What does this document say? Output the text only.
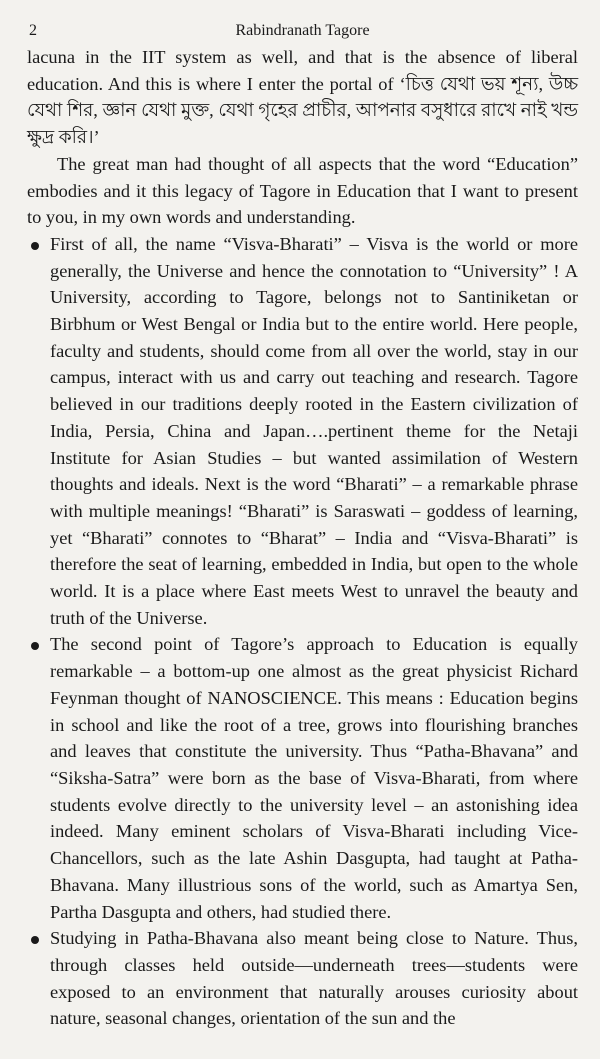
2	Rabindranath Tagore

lacuna in the IIT system as well, and that is the absence of liberal education. And this is where I enter the portal of ‘চিত্ত যেথা ভয় শূন্য, উচ্চ যেথা শির, জ্ঞান যেথা মুক্ত, যেথা গৃহের প্রাচীর, আপনার বসুধারে রাখে নাই খন্ড ক্ষুদ্র করি।’

The great man had thought of all aspects that the word “Education” embodies and it this legacy of Tagore in Education that I want to present to you, in my own words and understanding.

First of all, the name “Visva-Bharati” – Visva is the world or more generally, the Universe and hence the connotation to “University” ! A University, according to Tagore, belongs not to Santiniketan or Birbhum or West Bengal or India but to the entire world. Here people, faculty and students, should come from all over the world, stay in our campus, interact with us and carry out teaching and research. Tagore believed in our traditions deeply rooted in the Eastern civilization of India, Persia, China and Japan….pertinent theme for the Netaji Institute for Asian Studies – but wanted assimilation of Western thoughts and ideals. Next is the word “Bharati” – a remarkable phrase with multiple meanings! “Bharati” is Saraswati – goddess of learning, yet “Bharati” connotes to “Bharat” – India and “Visva-Bharati” is therefore the seat of learning, embedded in India, but open to the whole world. It is a place where East meets West to unravel the beauty and truth of the Universe.
The second point of Tagore’s approach to Education is equally remarkable – a bottom-up one almost as the great physicist Richard Feynman thought of NANOSCIENCE. This means : Education begins in school and like the root of a tree, grows into flourishing branches and leaves that constitute the university. Thus “Patha-Bhavana” and “Siksha-Satra” were born as the base of Visva-Bharati, from where students evolve directly to the university level – an astonishing idea indeed. Many eminent scholars of Visva-Bharati including Vice-Chancellors, such as the late Ashin Dasgupta, had taught at Patha-Bhavana. Many illustrious sons of the world, such as Amartya Sen, Partha Dasgupta and others, had studied there.
Studying in Patha-Bhavana also meant being close to Nature. Thus, through classes held outside—underneath trees—students were exposed to an environment that naturally arouses curiosity about nature, seasonal changes, orientation of the sun and the
